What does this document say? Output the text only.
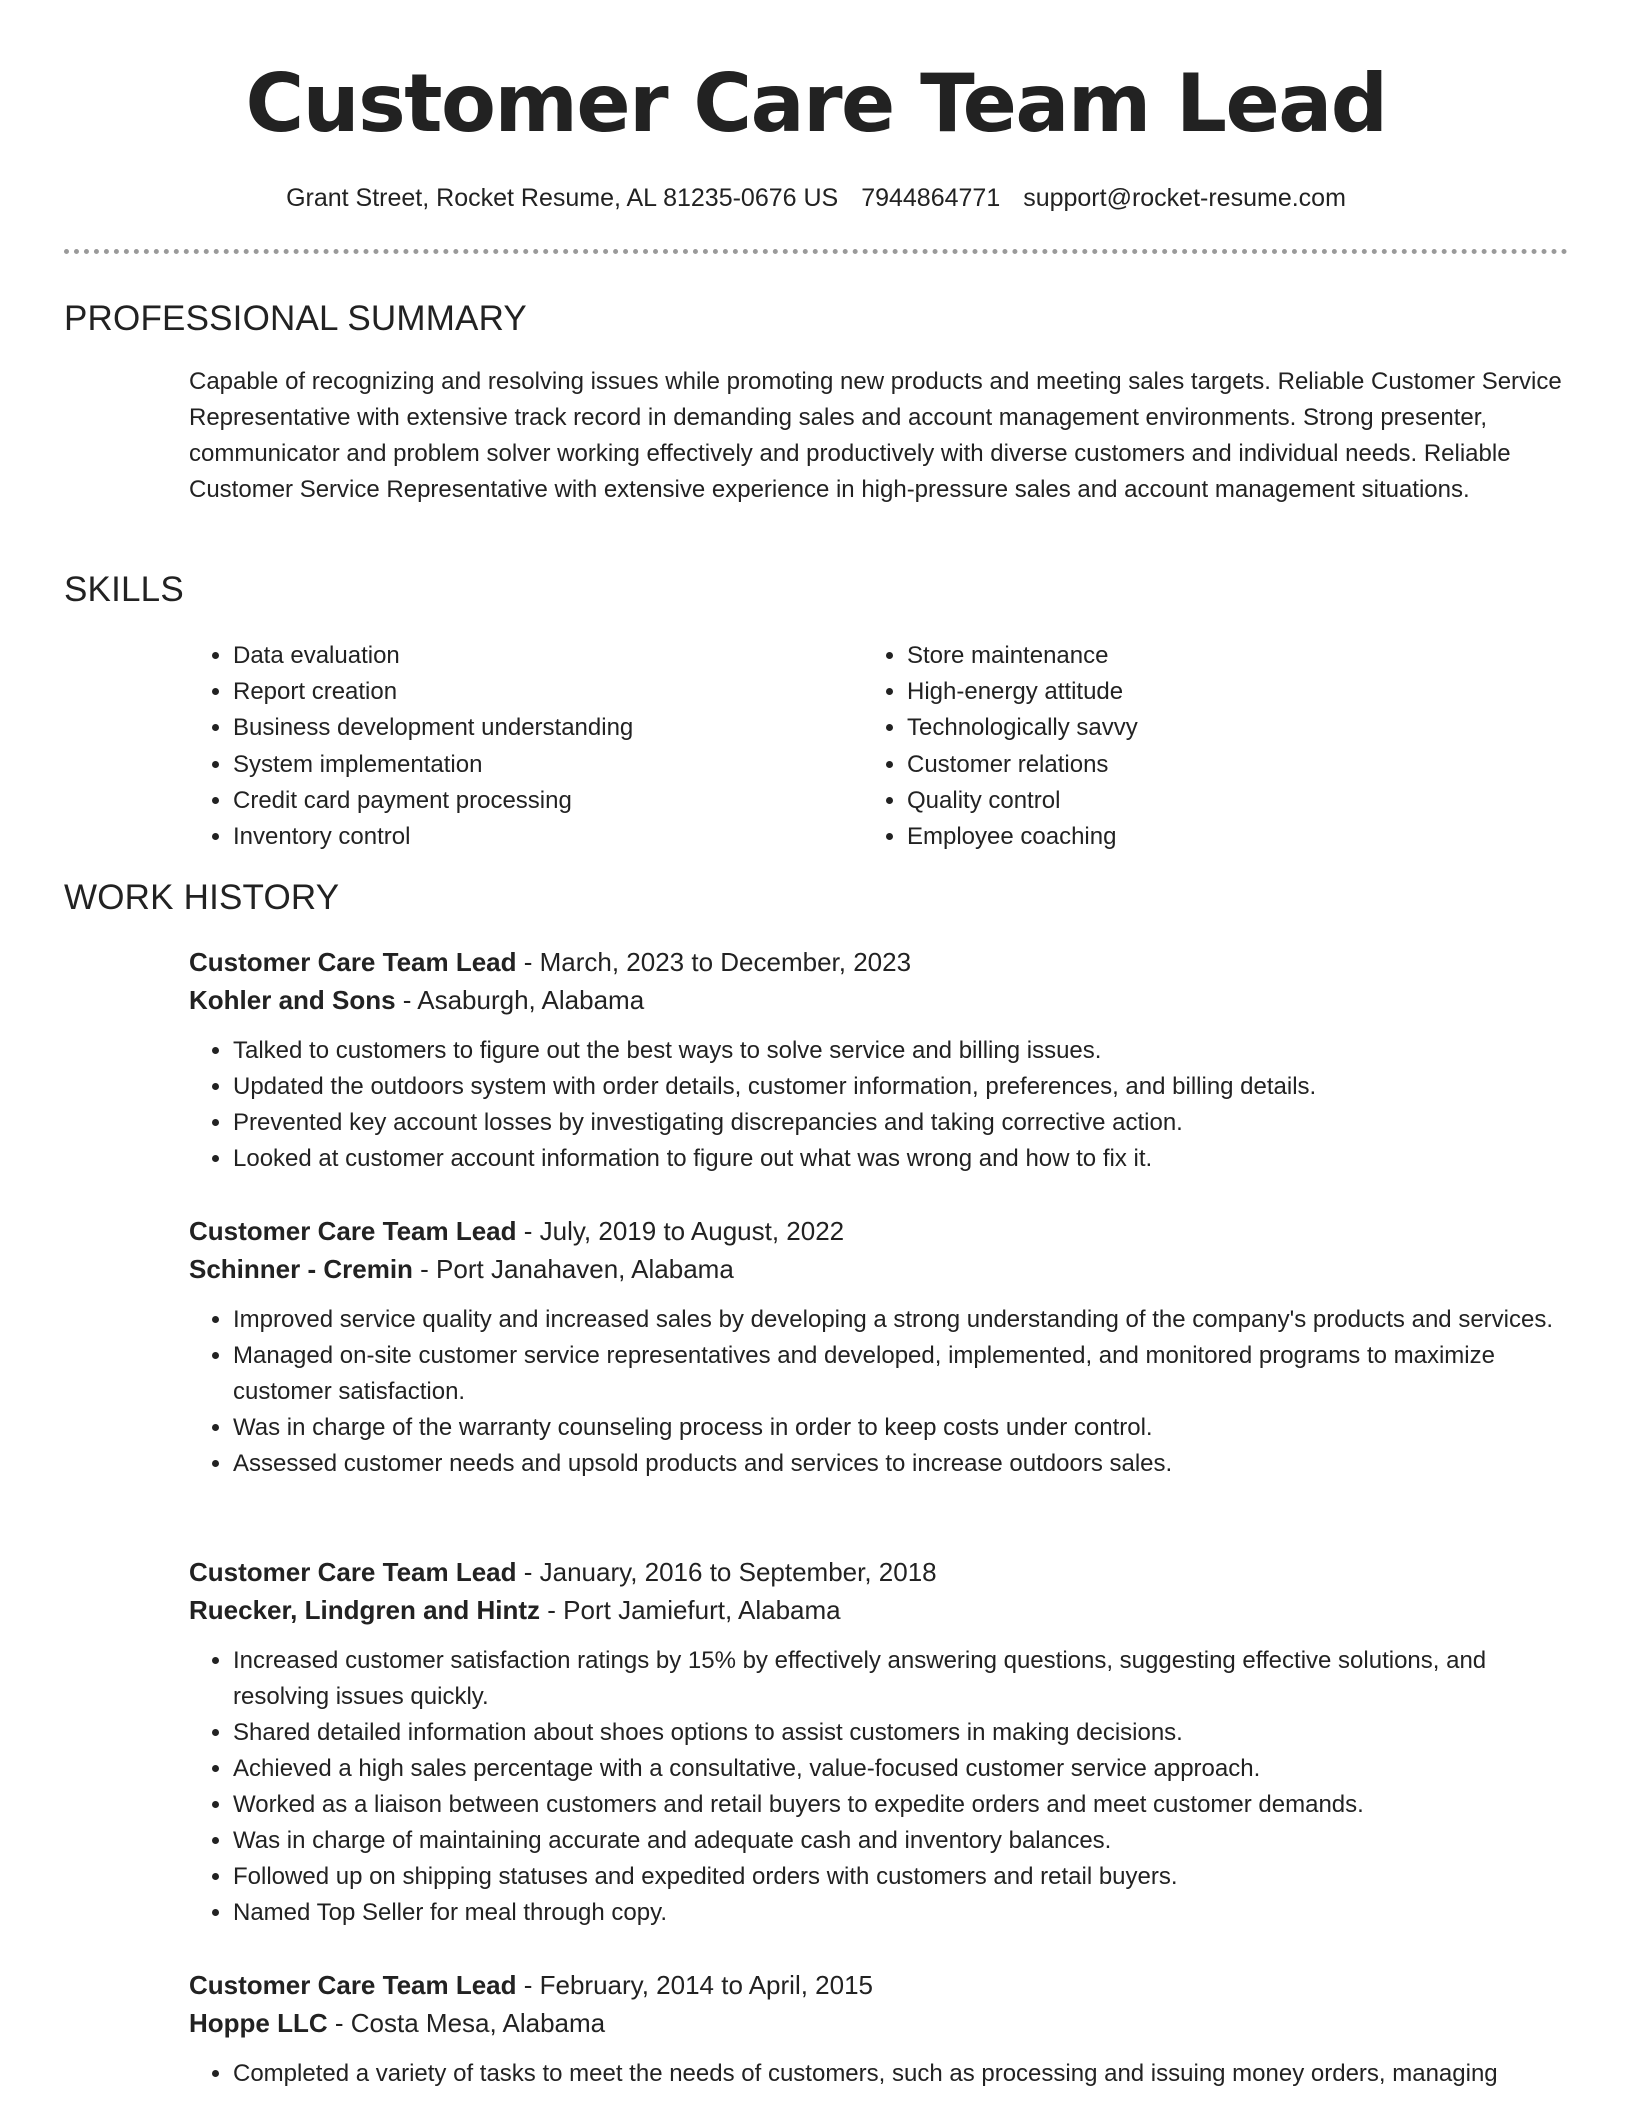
Customer Care Team Lead
Grant Street, Rocket Resume, AL 81235-0676 US 7944864771 support@rocket-resume.com
PROFESSIONAL SUMMARY

Capable of recognizing and resolving issues while promoting new products and meeting sales targets. Reliable Customer Service Representative with extensive track record in demanding sales and account management environments. Strong presenter, communicator and problem solver working effectively and productively with diverse customers and individual needs. Reliable Customer Service Representative with extensive experience in high-pressure sales and account management situations.

SKILLS
• Data evaluation
• Report creation
• Business development understanding
• System implementation
• Credit card payment processing
• Inventory control
• Store maintenance
• High-energy attitude
• Technologically savvy
• Customer relations
• Quality control
• Employee coaching
WORK HISTORY

Customer Care Team Lead - March, 2023 to December, 2023

Kohler and Sons - Asaburgh, Alabama

• Talked to customers to figure out the best ways to solve service and billing issues.
• Updated the outdoors system with order details, customer information, preferences, and billing details.
• Prevented key account losses by investigating discrepancies and taking corrective action.
• Looked at customer account information to figure out what was wrong and how to fix it.

Customer Care Team Lead - July, 2019 to August, 2022

Schinner - Cremin - Port Janahaven, Alabama

• Improved service quality and increased sales by developing a strong understanding of the company's products and services.
• Managed on-site customer service representatives and developed, implemented, and monitored programs to maximize customer satisfaction.
• Was in charge of the warranty counseling process in order to keep costs under control.
• Assessed customer needs and upsold products and services to increase outdoors sales.

Customer Care Team Lead - January, 2016 to September, 2018

Ruecker, Lindgren and Hintz - Port Jamiefurt, Alabama

• Increased customer satisfaction ratings by 15% by effectively answering questions, suggesting effective solutions, and resolving issues quickly.
• Shared detailed information about shoes options to assist customers in making decisions.
• Achieved a high sales percentage with a consultative, value-focused customer service approach.
• Worked as a liaison between customers and retail buyers to expedite orders and meet customer demands.
• Was in charge of maintaining accurate and adequate cash and inventory balances.
• Followed up on shipping statuses and expedited orders with customers and retail buyers.
• Named Top Seller for meal through copy.

Customer Care Team Lead - February, 2014 to April, 2015

Hoppe LLC - Costa Mesa, Alabama

• Completed a variety of tasks to meet the needs of customers, such as processing and issuing money orders, managing
